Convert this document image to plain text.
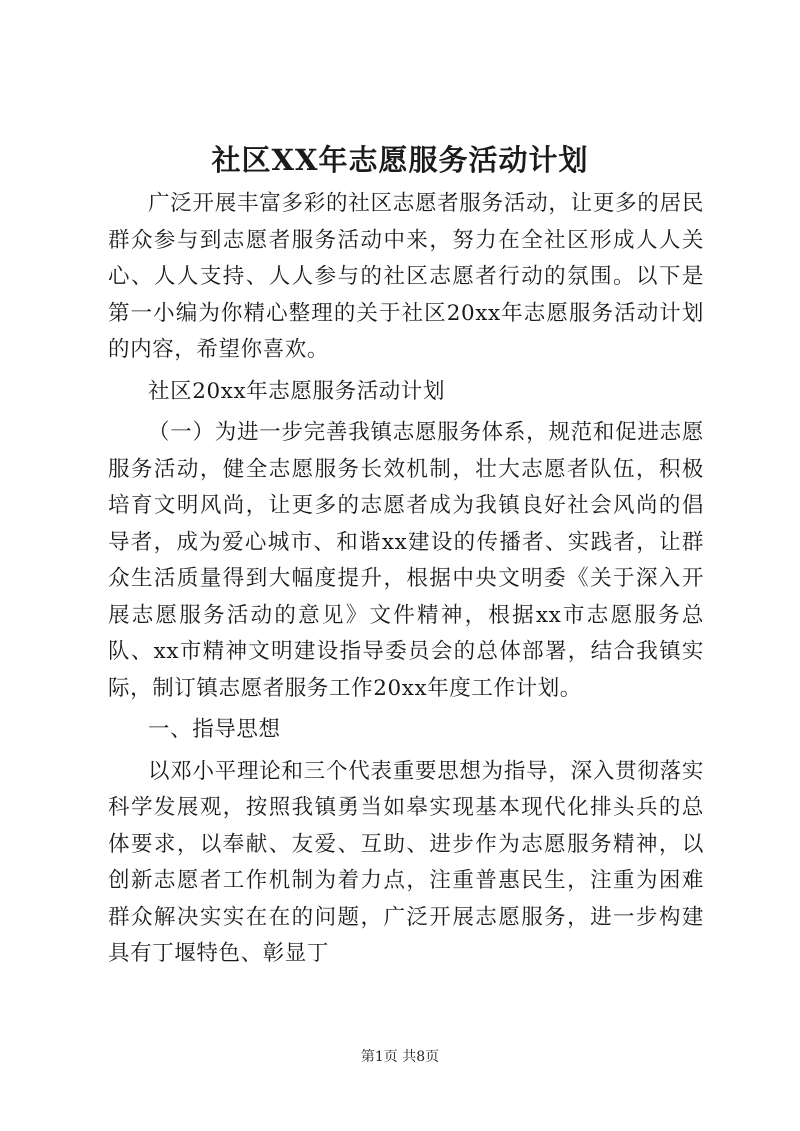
社区XX年志愿服务活动计划

广泛开展丰富多彩的社区志愿者服务活动，让更多的居民群众参与到志愿者服务活动中来，努力在全社区形成人人关心、人人支持、人人参与的社区志愿者行动的氛围。以下是第一小编为你精心整理的关于社区20xx年志愿服务活动计划的内容，希望你喜欢。

社区20xx年志愿服务活动计划

（一）为进一步完善我镇志愿服务体系，规范和促进志愿服务活动，健全志愿服务长效机制，壮大志愿者队伍，积极培育文明风尚，让更多的志愿者成为我镇良好社会风尚的倡导者，成为爱心城市、和谐xx建设的传播者、实践者，让群众生活质量得到大幅度提升，根据中央文明委《关于深入开展志愿服务活动的意见》文件精神，根据xx市志愿服务总队、xx市精神文明建设指导委员会的总体部署，结合我镇实际，制订镇志愿者服务工作20xx年度工作计划。

一、指导思想

以邓小平理论和三个代表重要思想为指导，深入贯彻落实科学发展观，按照我镇勇当如皋实现基本现代化排头兵的总体要求，以奉献、友爱、互助、进步作为志愿服务精神，以创新志愿者工作机制为着力点，注重普惠民生，注重为困难群众解决实实在在的问题，广泛开展志愿服务，进一步构建具有丁堰特色、彰显丁

第1页 共8页
